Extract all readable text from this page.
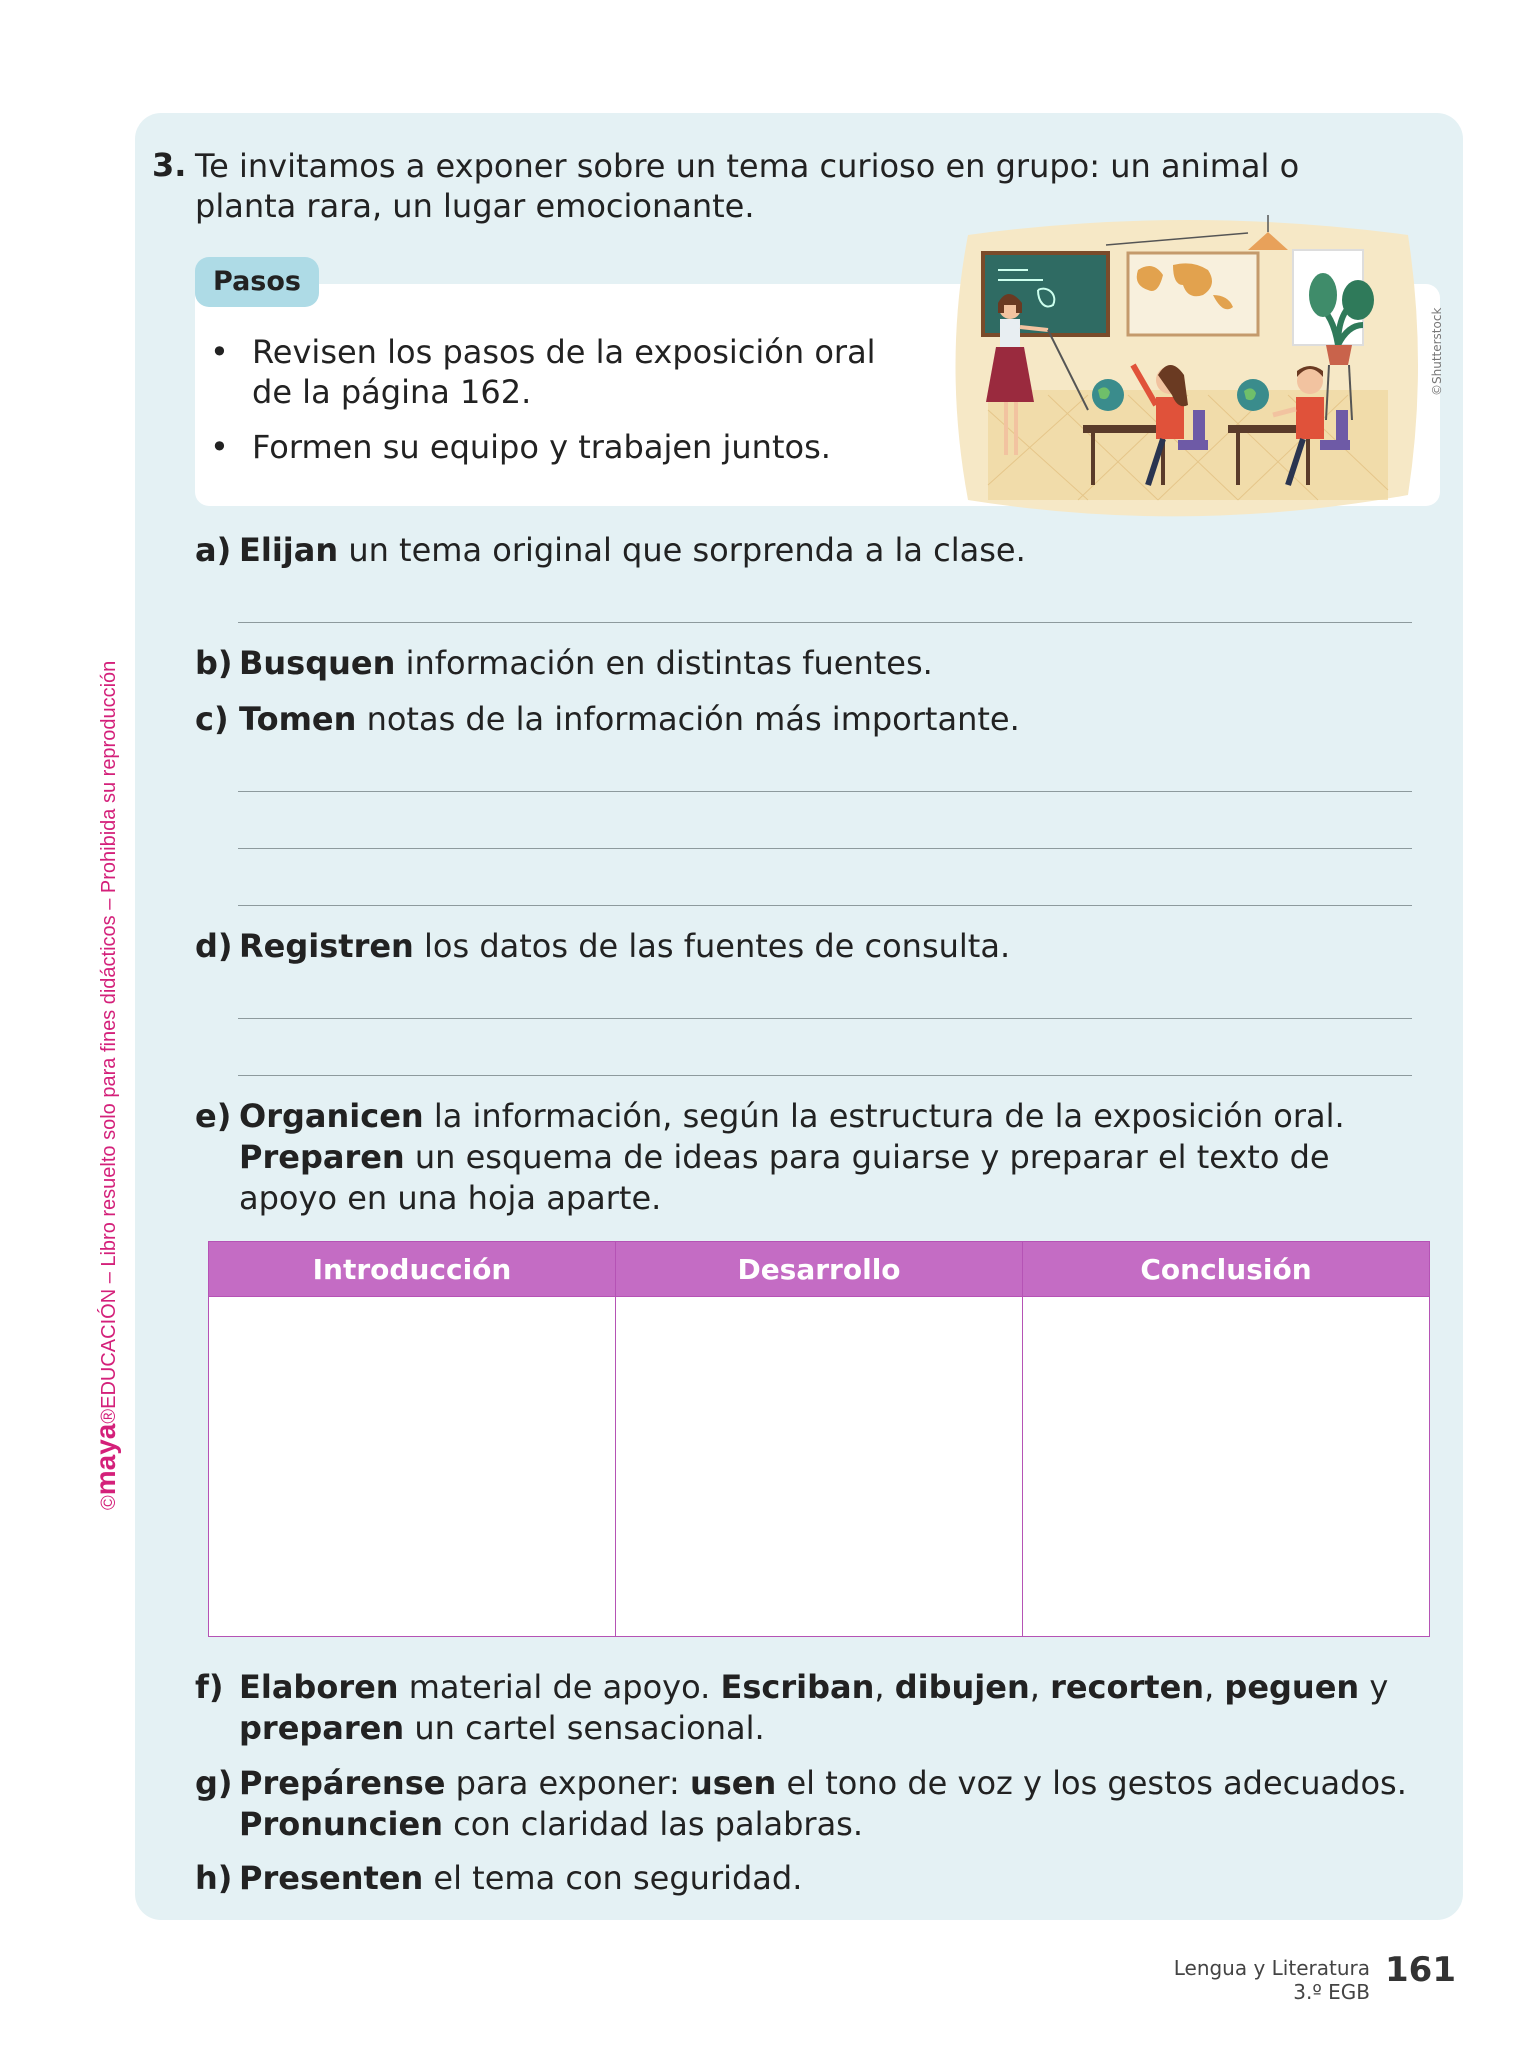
©maya®EDUCACIÓN – Libro resuelto solo para fines didácticos – Prohibida su reproducción
3. Te invitamos a exponer sobre un tema curioso en grupo: un animal o planta rara, un lugar emocionante.
Pasos
• Revisen los pasos de la exposición oral de la página 162.
• Formen su equipo y trabajen juntos.
©Shutterstock
a) Elijan un tema original que sorprenda a la clase.
b) Busquen información en distintas fuentes.
c) Tomen notas de la información más importante.
d) Registren los datos de las fuentes de consulta.
e) Organicen la información, según la estructura de la exposición oral. Preparen un esquema de ideas para guiarse y preparar el texto de apoyo en una hoja aparte.
Introducción	Desarrollo	Conclusión

f) Elaboren material de apoyo. Escriban, dibujen, recorten, peguen y preparen un cartel sensacional.
g) Prepárense para exponer: usen el tono de voz y los gestos adecuados. Pronuncien con claridad las palabras.
h) Presenten el tema con seguridad.
Lengua y Literatura
3.º EGB
161
